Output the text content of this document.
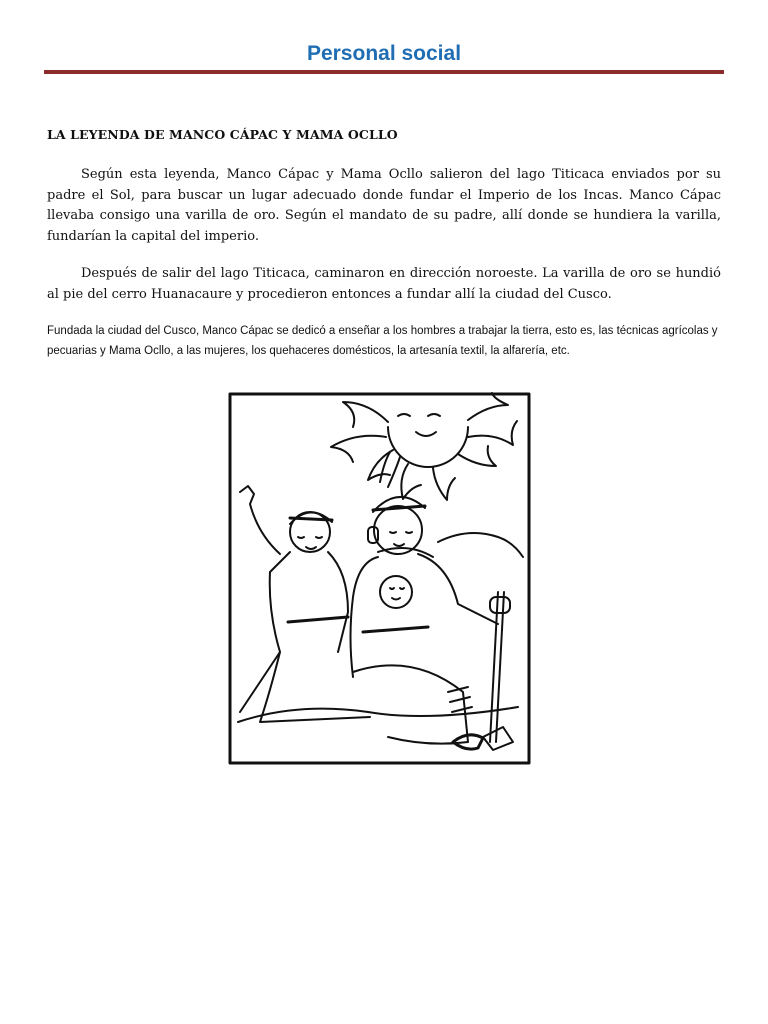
Personal social
LA LEYENDA DE MANCO CÁPAC Y MAMA OCLLO

Según esta leyenda, Manco Cápac y Mama Ocllo salieron del lago Titicaca enviados por su padre el Sol, para buscar un lugar adecuado donde fundar el Imperio de los Incas. Manco Cápac llevaba consigo una varilla de oro. Según el mandato de su padre, allí donde se hundiera la varilla, fundarían la capital del imperio.

Después de salir del lago Titicaca, caminaron en dirección noroeste. La varilla de oro se hundió al pie del cerro Huanacaure y procedieron entonces a fundar allí la ciudad del Cusco.

Fundada la ciudad del Cusco, Manco Cápac se dedicó a enseñar a los hombres a trabajar la tierra, esto es, las técnicas agrícolas y pecuarias y Mama Ocllo, a las mujeres, los quehaceres domésticos, la artesanía textil, la alfarería, etc.
